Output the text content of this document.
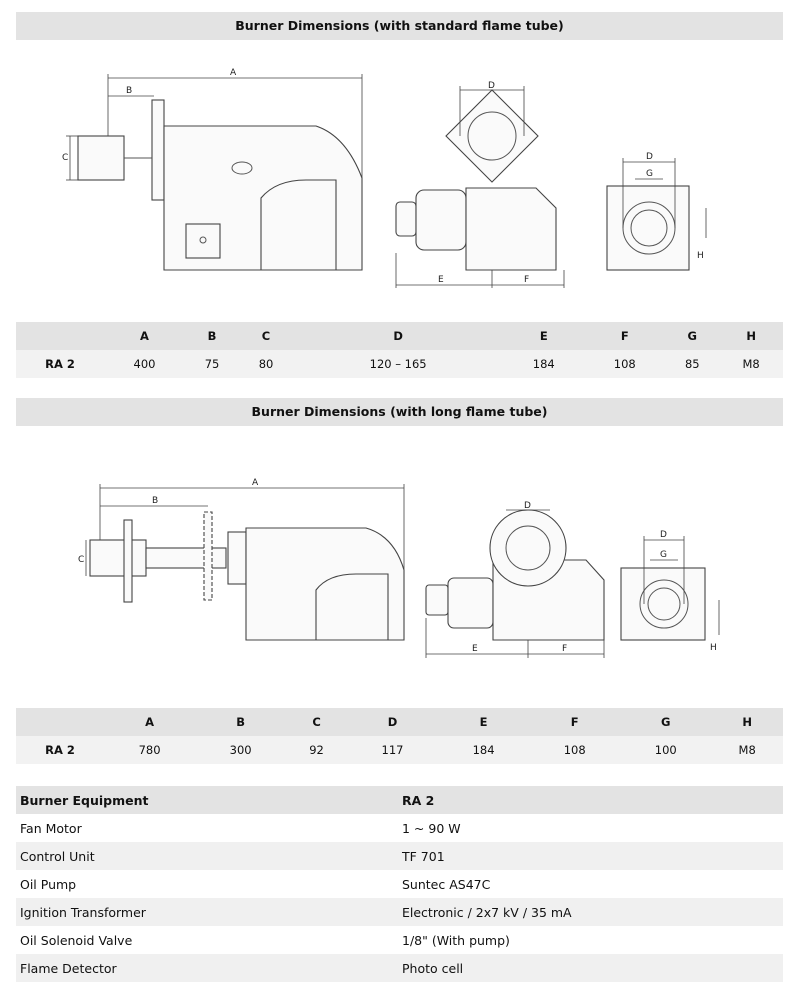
Burner Dimensions (with standard flame tube)
A
B
C
D
E	F
D
G
H
	A	B	C	D	E	F	G	H
RA 2	400	75	80	120 – 165	184	108	85	M8
Burner Dimensions (with long flame tube)
A
B
C
D
E	F
D
G
H
	A	B	C	D	E	F	G	H
RA 2	780	300	92	117	184	108	100	M8
Burner Equipment	RA 2
Fan Motor	1 ~ 90 W
Control Unit	TF 701
Oil Pump	Suntec AS47C
Ignition Transformer	Electronic / 2x7 kV / 35 mA
Oil Solenoid Valve	1/8" (With pump)
Flame Detector	Photo cell
